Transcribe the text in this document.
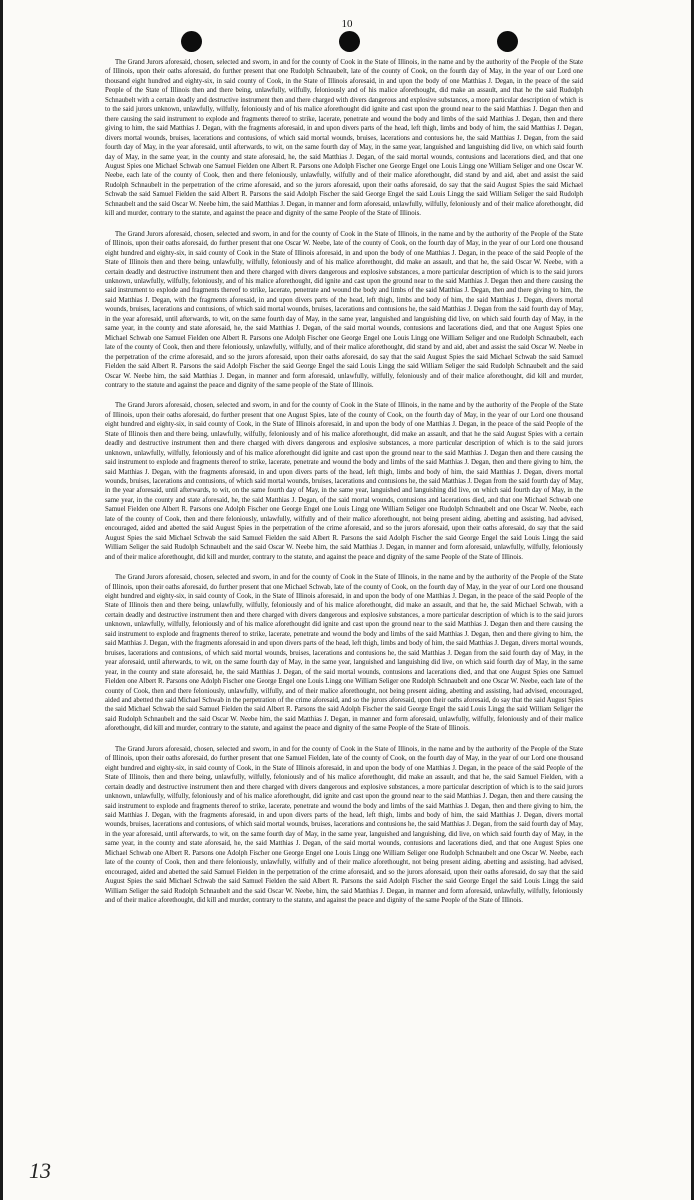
10

The Grand Jurors aforesaid, chosen, selected and sworn, in and for the county of Cook in the State of Illinois, in the name and by the authority of the People of the State of Illinois, upon their oaths aforesaid, do further present that one Rudolph Schnaubelt, late of the county of Cook, on the fourth day of May, in the year of our Lord one thousand eight hundred and eighty-six, in said county of Cook, in the State of Illinois aforesaid, in and upon the body of one Matthias J. Degan, in the peace of the said People of the State of Illinois then and there being, unlawfully, wilfully, feloniously and of his malice aforethought, did make an assault, and that he the said Rudolph Schnaubelt with a certain deadly and destructive instrument then and there charged with divers dangerous and explosive substances, a more particular description of which is to the said jurors unknown, unlawfully, wilfully, feloniously and of his malice aforethought did ignite and cast upon the ground near to the said Matthias J. Degan then and there causing the said instrument to explode and fragments thereof to strike, lacerate, penetrate and wound the body and limbs of the said Matthias J. Degan, then and there giving to him, the said Matthias J. Degan, with the fragments aforesaid, in and upon divers parts of the head, left thigh, limbs and body of him, the said Matthias J. Degan, divers mortal wounds, bruises, lacerations and contusions, of which said mortal wounds, bruises, lacerations and contusions he, the said Matthias J. Degan, from the said fourth day of May, in the year aforesaid, until afterwards, to wit, on the same fourth day of May, in the same year, languished and languishing did live, on which said fourth day of May, in the same year, in the county and state aforesaid, he, the said Matthias J. Degan, of the said mortal wounds, contusions and lacerations died, and that one August Spies one Michael Schwab one Samuel Fielden one Albert R. Parsons one Adolph Fischer one George Engel one Louis Lingg one William Seliger and one Oscar W. Neebe, each late of the county of Cook, then and there feloniously, unlawfully, wilfully and of their malice aforethought, did stand by and aid, abet and assist the said Rudolph Schnaubelt in the perpetration of the crime aforesaid, and so the jurors aforesaid, upon their oaths aforesaid, do say that the said August Spies the said Michael Schwab the said Samuel Fielden the said Albert R. Parsons the said Adolph Fischer the said George Engel the said Louis Lingg the said William Seliger the said Rudolph Schnaubelt and the said Oscar W. Neebe him, the said Matthias J. Degan, in manner and form aforesaid, unlawfully, wilfully, feloniously and of their malice aforethought, did kill and murder, contrary to the statute, and against the peace and dignity of the same People of the State of Illinois.

The Grand Jurors aforesaid, chosen, selected and sworn, in and for the county of Cook in the State of Illinois, in the name and by the authority of the People of the State of Illinois, upon their oaths aforesaid, do further present that one Oscar W. Neebe, late of the county of Cook, on the fourth day of May, in the year of our Lord one thousand eight hundred and eighty-six, in said county of Cook in the State of Illinois aforesaid, in and upon the body of one Matthias J. Degan, in the peace of the said People of the State of Illinois then and there being, unlawfully, wilfully, feloniously and of his malice aforethought, did make an assault, and that he, the said Oscar W. Neebe, with a certain deadly and destructive instrument then and there charged with divers dangerous and explosive substances, a more particular description of which is to the said jurors unknown, unlawfully, wilfully, feloniously, and of his malice aforethought, did ignite and cast upon the ground near to the said Matthias J. Degan then and there causing the said instrument to explode and fragments thereof to strike, lacerate, penetrate and wound the body and limbs of the said Matthias J. Degan, then and there giving to him, the said Matthias J. Degan, with the fragments aforesaid, in and upon divers parts of the head, left thigh, limbs and body of him, the said Matthias J. Degan, divers mortal wounds, bruises, lacerations and contusions, of which said mortal wounds, bruises, lacerations and contusions he, the said Matthias J. Degan from the said fourth day of May, in the year aforesaid, until afterwards, to wit, on the same fourth day of May, in the same year, languished and languishing did live, on which said fourth day of May, in the same year, in the county and state aforesaid, he, the said Matthias J. Degan, of the said mortal wounds, contusions and lacerations died, and that one August Spies one Michael Schwab one Samuel Fielden one Albert R. Parsons one Adolph Fischer one George Engel one Louis Lingg one William Seliger and one Rudolph Schnaubelt, each late of the county of Cook, then and there feloniously, unlawfully, wilfully, and of their malice aforethought, did stand by and aid, abet and assist the said Oscar W. Neebe in the perpetration of the crime aforesaid, and so the jurors aforesaid, upon their oaths aforesaid, do say that the said August Spies the said Michael Schwab the said Samuel Fielden the said Albert R. Parsons the said Adolph Fischer the said George Engel the said Louis Lingg the said William Seliger the said Rudolph Schnaubelt and the said Oscar W. Neebe him, the said Matthias J. Degan, in manner and form aforesaid, unlawfully, wilfully, feloniously and of their malice aforethought, did kill and murder, contrary to the statute and against the peace and dignity of the same people of the State of Illinois.

The Grand Jurors aforesaid, chosen, selected and sworn, in and for the county of Cook in the State of Illinois, in the name and by the authority of the People of the State of Illinois, upon their oaths aforesaid, do further present that one August Spies, late of the county of Cook, on the fourth day of May, in the year of our Lord one thousand eight hundred and eighty-six, in said county of Cook, in the State of Illinois aforesaid, in and upon the body of one Matthias J. Degan, in the peace of the said People of the State of Illinois then and there being, unlawfully, wilfully, feloniously and of his malice aforethought, did make an assault, and that he the said August Spies with a certain deadly and destructive instrument then and there charged with divers dangerous and explosive substances, a more particular description of which is to the said jurors unknown, unlawfully, wilfully, feloniously and of his malice aforethought did ignite and cast upon the ground near to the said Matthias J. Degan then and there causing the said instrument to explode and fragments thereof to strike, lacerate, penetrate and wound the body and limbs of the said Matthias J. Degan, then and there giving to him, the said Matthias J. Degan, with the fragments aforesaid, in and upon divers parts of the head, left thigh, limbs and body of him, the said Matthias J. Degan, divers mortal wounds, bruises, lacerations and contusions, of which said mortal wounds, bruises, lacerations and contusions he, the said Matthias J. Degan from the said fourth day of May, in the year aforesaid, until afterwards, to wit, on the same fourth day of May, in the same year, languished and languishing did live, on which said fourth day of May, in the same year, in the county and state aforesaid, he, the said Matthias J. Degan, of the said mortal wounds, contusions and lacerations died, and that one Michael Schwab one Samuel Fielden one Albert R. Parsons one Adolph Fischer one George Engel one Louis Lingg one William Seliger one Rudolph Schnaubelt and one Oscar W. Neebe, each late of the county of Cook, then and there feloniously, unlawfully, wilfully and of their malice aforethought, not being present aiding, abetting and assisting, had advised, encouraged, aided and abetted the said August Spies in the perpetration of the crime aforesaid, and so the jurors aforesaid, upon their oaths aforesaid, do say that the said August Spies the said Michael Schwab the said Samuel Fielden the said Albert R. Parsons the said Adolph Fischer the said George Engel the said Louis Lingg the said William Seliger the said Rudolph Schnaubelt and the said Oscar W. Neebe him, the said Matthias J. Degan, in manner and form aforesaid, unlawfully, wilfully, feloniously and of their malice aforethought, did kill and murder, contrary to the statute, and against the peace and dignity of the same People of the State of Illinois.

The Grand Jurors aforesaid, chosen, selected and sworn, in and for the county of Cook in the State of Illinois, in the name and by the authority of the People of the State of Illinois, upon their oaths aforesaid, do further present that one Michael Schwab, late of the county of Cook, on the fourth day of May, in the year of our Lord one thousand eight hundred and eighty-six, in said county of Cook, in the State of Illinois aforesaid, in and upon the body of one Matthias J. Degan, in the peace of the said People of the State of Illinois then and there being, unlawfully, wilfully, feloniously and of his malice aforethought, did make an assault, and that he, the said Michael Schwab, with a certain deadly and destructive instrument then and there charged with divers dangerous and explosive substances, a more particular description of which is to the said jurors unknown, unlawfully, wilfully, feloniously and of his malice aforethought did ignite and cast upon the ground near to the said Matthias J. Degan then and there causing the said instrument to explode and fragments thereof to strike, lacerate, penetrate and wound the body and limbs of the said Matthias J. Degan, then and there giving to him, the said Matthias J. Degan, with the fragments aforesaid in and upon divers parts of the head, left thigh, limbs and body of him, the said Matthias J. Degan, divers mortal wounds, bruises, lacerations and contusions, of which said mortal wounds, bruises, lacerations and contusions he, the said Matthias J. Degan from the said fourth day of May, in the year aforesaid, until afterwards, to wit, on the same fourth day of May, in the same year, languished and languishing did live, on which said fourth day of May, in the same year, in the county and state aforesaid, he, the said Matthias J. Degan, of the said mortal wounds, contusions and lacerations died, and that one August Spies one Samuel Fielden one Albert R. Parsons one Adolph Fischer one George Engel one Louis Lingg one William Seliger one Rudolph Schnaubelt and one Oscar W. Neebe, each late of the county of Cook, then and there feloniously, unlawfully, wilfully, and of their malice aforethought, not being present aiding, abetting and assisting, had advised, encouraged, aided and abetted the said Michael Schwab in the perpetration of the crime aforesaid, and so the jurors aforesaid, upon their oaths aforesaid, do say that the said August Spies the said Michael Schwab the said Samuel Fielden the said Albert R. Parsons the said Adolph Fischer the said George Engel the said Louis Lingg the said William Seliger the said Rudolph Schnaubelt and the said Oscar W. Neebe him, the said Matthias J. Degan, in manner and form aforesaid, unlawfully, wilfully, feloniously and of their malice aforethought, did kill and murder, contrary to the statute, and against the peace and dignity of the same People of the State of Illinois.

The Grand Jurors aforesaid, chosen, selected and sworn, in and for the county of Cook in the State of Illinois, in the name and by the authority of the People of the State of Illinois, upon their oaths aforesaid, do further present that one Samuel Fielden, late of the county of Cook, on the fourth day of May, in the year of our Lord one thousand eight hundred and eighty-six, in said county of Cook, in the State of Illinois aforesaid, in and upon the body of one Matthias J. Degan, in the peace of the said People of the State of Illinois, then and there being, unlawfully, wilfully, feloniously and of his malice aforethought, did make an assault, and that he, the said Samuel Fielden, with a certain deadly and destructive instrument then and there charged with divers dangerous and explosive substances, a more particular description of which is to the said jurors unknown, unlawfully, wilfully, feloniously and of his malice aforethought, did ignite and cast upon the ground near to the said Matthias J. Degan, then and there causing the said instrument to explode and fragments thereof to strike, lacerate, penetrate and wound the body and limbs of the said Matthias J. Degan, then and there giving to him, the said Matthias J. Degan, with the fragments aforesaid, in and upon divers parts of the head, left thigh, limbs and body of him, the said Matthias J. Degan, divers mortal wounds, bruises, lacerations and contusions, of which said mortal wounds, bruises, lacerations and contusions he, the said Matthias J. Degan, from the said fourth day of May, in the year aforesaid, until afterwards, to wit, on the same fourth day of May, in the same year, languished and languishing, did live, on which said fourth day of May, in the same year, in the county and state aforesaid, he, the said Matthias J. Degan, of the said mortal wounds, contusions and lacerations died, and that one August Spies one Michael Schwab one Albert R. Parsons one Adolph Fischer one George Engel one Louis Lingg one William Seliger one Rudolph Schnaubelt and one Oscar W. Neebe, each late of the county of Cook, then and there feloniously, unlawfully, wilfully and of their malice aforethought, not being present aiding, abetting and assisting, had advised, encouraged, aided and abetted the said Samuel Fielden in the perpetration of the crime aforesaid, and so the jurors aforesaid, upon their oaths aforesaid, do say that the said August Spies the said Michael Schwab the said Samuel Fielden the said Albert R. Parsons the said Adolph Fischer the said George Engel the said Louis Lingg the said William Seliger the said Rudolph Schnaubelt and the said Oscar W. Neebe, him, the said Matthias J. Degan, in manner and form aforesaid, unlawfully, wilfully, feloniously and of their malice aforethought, did kill and murder, contrary to the statute, and against the peace and dignity of the same People of the State of Illinois.

13
